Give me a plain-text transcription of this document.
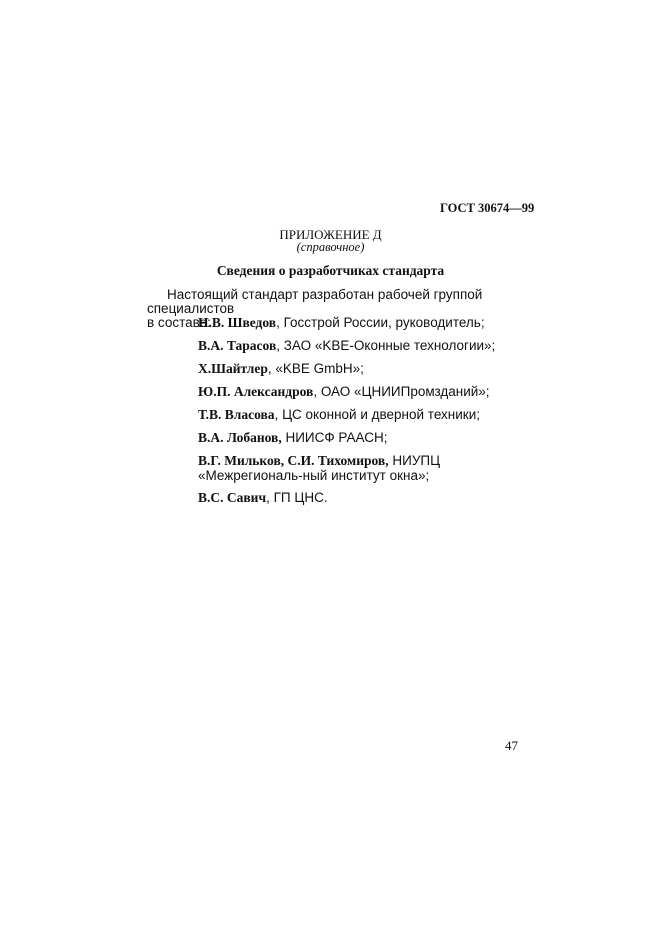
ГОСТ 30674—99
ПРИЛОЖЕНИЕ Д
(справочное)
Сведения о разработчиках стандарта
Настоящий стандарт разработан рабочей группой специалистов
в составе:
Н.В. Шведов, Госстрой России, руководитель;
В.А. Тарасов, ЗАО «KBE-Оконные технологии»;
Х.Шайтлер, «KBE GmbH»;
Ю.П. Александров, ОАО «ЦНИИПромзданий»;
Т.В. Власова, ЦС оконной и дверной техники;
В.А. Лобанов, НИИСФ РААСН;
В.Г. Мильков, С.И. Тихомиров, НИУПЦ «Межрегиональ-ный институт окна»;
В.С. Савич, ГП ЦНС.
47
